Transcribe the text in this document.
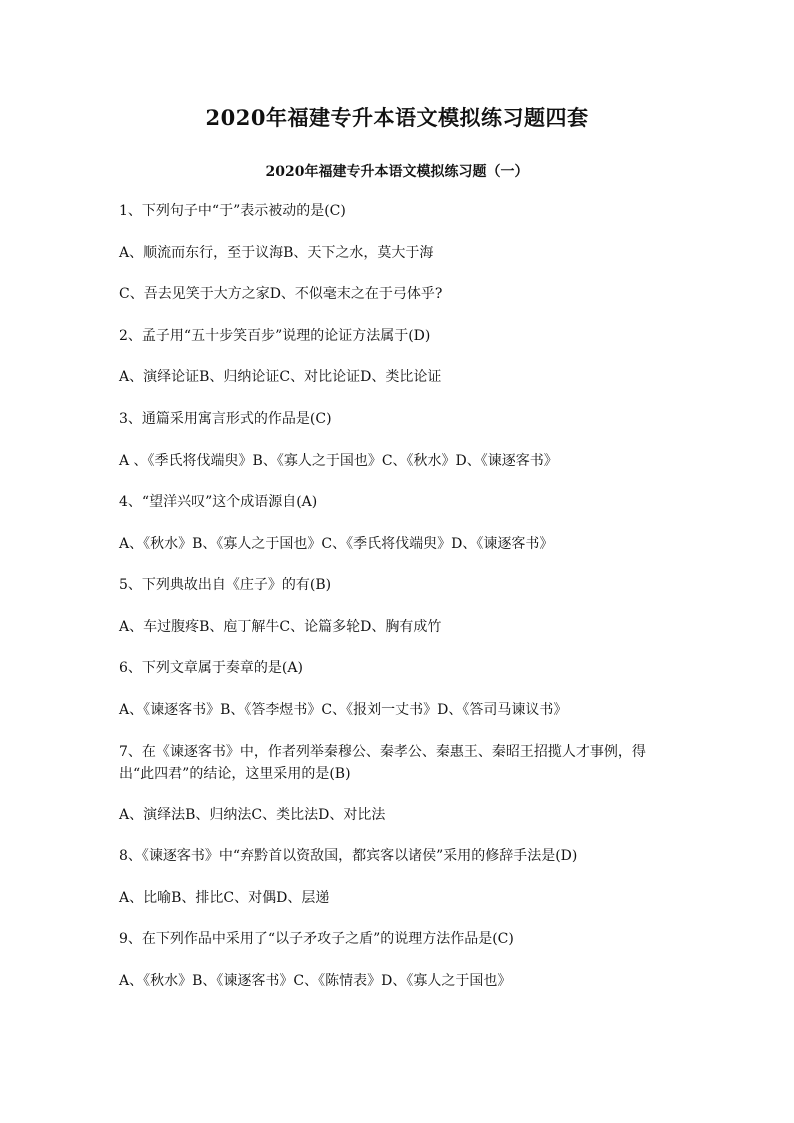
2020年福建专升本语文模拟练习题四套
2020年福建专升本语文模拟练习题（一）
1、下列句子中“于”表示被动的是(C)
A、顺流而东行，至于议海B、天下之水，莫大于海
C、吾去见笑于大方之家D、不似毫末之在于弓体乎?
2、孟子用“五十步笑百步”说理的论证方法属于(D)
A、演绎论证B、归纳论证C、对比论证D、类比论证
3、通篇采用寓言形式的作品是(C)
A 、《季氏将伐端臾》B、《寡人之于国也》C、《秋水》D、《谏逐客书》
4、“望洋兴叹”这个成语源自(A)
A、《秋水》B、《寡人之于国也》C、《季氏将伐端臾》D、《谏逐客书》
5、下列典故出自《庄子》的有(B)
A、车过腹疼B、庖丁解牛C、论篇多轮D、胸有成竹
6、下列文章属于奏章的是(A)
A、《谏逐客书》B、《答李煜书》C、《报刘一丈书》D、《答司马谏议书》
7、在《谏逐客书》中，作者列举秦穆公、秦孝公、秦惠王、秦昭王招揽人才事例，得出“此四君”的结论，这里采用的是(B)
A、演绎法B、归纳法C、类比法D、对比法
8、《谏逐客书》中“弃黔首以资敌国，都宾客以诸侯”采用的修辞手法是(D)
A、比喻B、排比C、对偶D、层递
9、在下列作品中采用了“以子矛攻子之盾”的说理方法作品是(C)
A、《秋水》B、《谏逐客书》C、《陈情表》D、《寡人之于国也》
